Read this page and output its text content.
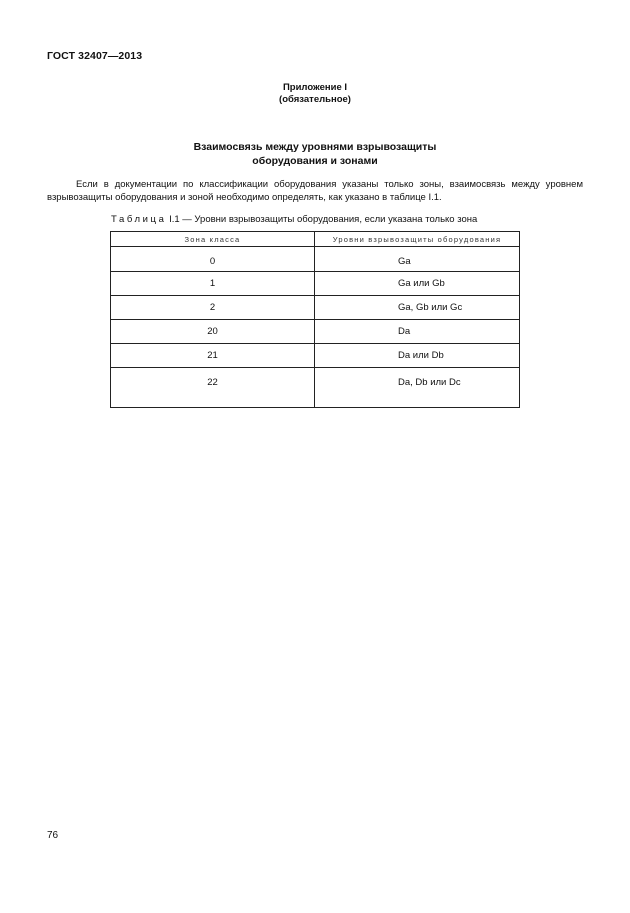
ГОСТ 32407—2013
Приложение I
(обязательное)
Взаимосвязь между уровнями взрывозащиты
оборудования и зонами
Если в документации по классификации оборудования указаны только зоны, взаимосвязь между уровнем
взрывозащиты оборудования и зоной необходимо определять, как указано в таблице I.1.
Таблица I.1 — Уровни взрывозащиты оборудования, если указана только зона
Зона класса	Уровни взрывозащиты оборудования

0	Ga
1	Ga или Gb
2	Ga, Gb или Gc
20	Da
21	Da или Db
22	Da, Db или Dc
76
